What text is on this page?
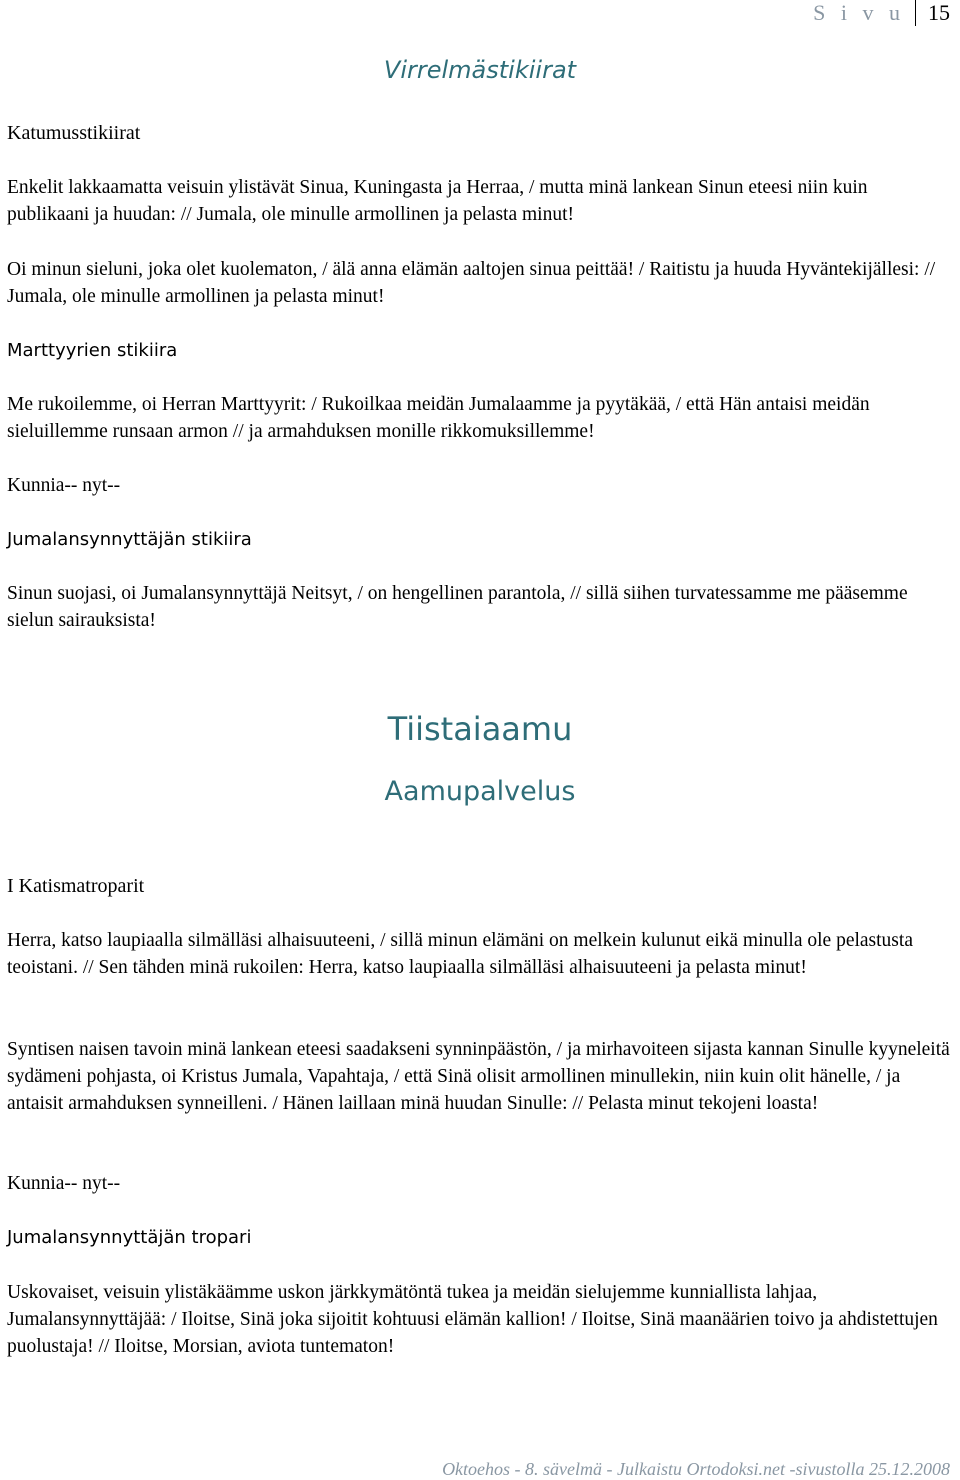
S i v u	15
Virrelmästikiirat
Katumusstikiirat

Enkelit lakkaamatta veisuin ylistävät Sinua, Kuningasta ja Herraa, / mutta minä lankean Sinun eteesi niin kuin publikaani ja huudan: // Jumala, ole minulle armollinen ja pelasta minut!

Oi minun sieluni, joka olet kuolematon, / älä anna elämän aaltojen sinua peittää! / Raitistu ja huuda Hyväntekijällesi: // Jumala, ole minulle armollinen ja pelasta minut!

Marttyyrien stikiira

Me rukoilemme, oi Herran Marttyyrit: / Rukoilkaa meidän Jumalaamme ja pyytäkää, / että Hän antaisi meidän sieluillemme runsaan armon // ja armahduksen monille rikkomuksillemme!

Kunnia-- nyt--

Jumalansynnyttäjän stikiira

Sinun suojasi, oi Jumalansynnyttäjä Neitsyt, / on hengellinen parantola, // sillä siihen turvatessamme me pääsemme sielun sairauksista!

Tiistaiaamu
Aamupalvelus
I Katismatroparit

Herra, katso laupiaalla silmälläsi alhaisuuteeni, / sillä minun elämäni on melkein kulunut eikä minulla ole pelastusta teoistani. // Sen tähden minä rukoilen: Herra, katso laupiaalla silmälläsi alhaisuuteeni ja pelasta minut!

Syntisen naisen tavoin minä lankean eteesi saadakseni synninpäästön, / ja mirhavoiteen sijasta kannan Sinulle kyyneleitä sydämeni pohjasta, oi Kristus Jumala, Vapahtaja, / että Sinä olisit armollinen minullekin, niin kuin olit hänelle, / ja antaisit armahduksen synneilleni. / Hänen laillaan minä huudan Sinulle: // Pelasta minut tekojeni loasta!

Kunnia-- nyt--

Jumalansynnyttäjän tropari

Uskovaiset, veisuin ylistäkäämme uskon järkkymätöntä tukea ja meidän sielujemme kunniallista lahjaa, Jumalansynnyttäjää: / Iloitse, Sinä joka sijoitit kohtuusi elämän kallion! / Iloitse, Sinä maanäärien toivo ja ahdistettujen puolustaja! // Iloitse, Morsian, aviota tuntematon!

Oktoehos - 8. sävelmä - Julkaistu Ortodoksi.net -sivustolla 25.12.2008
